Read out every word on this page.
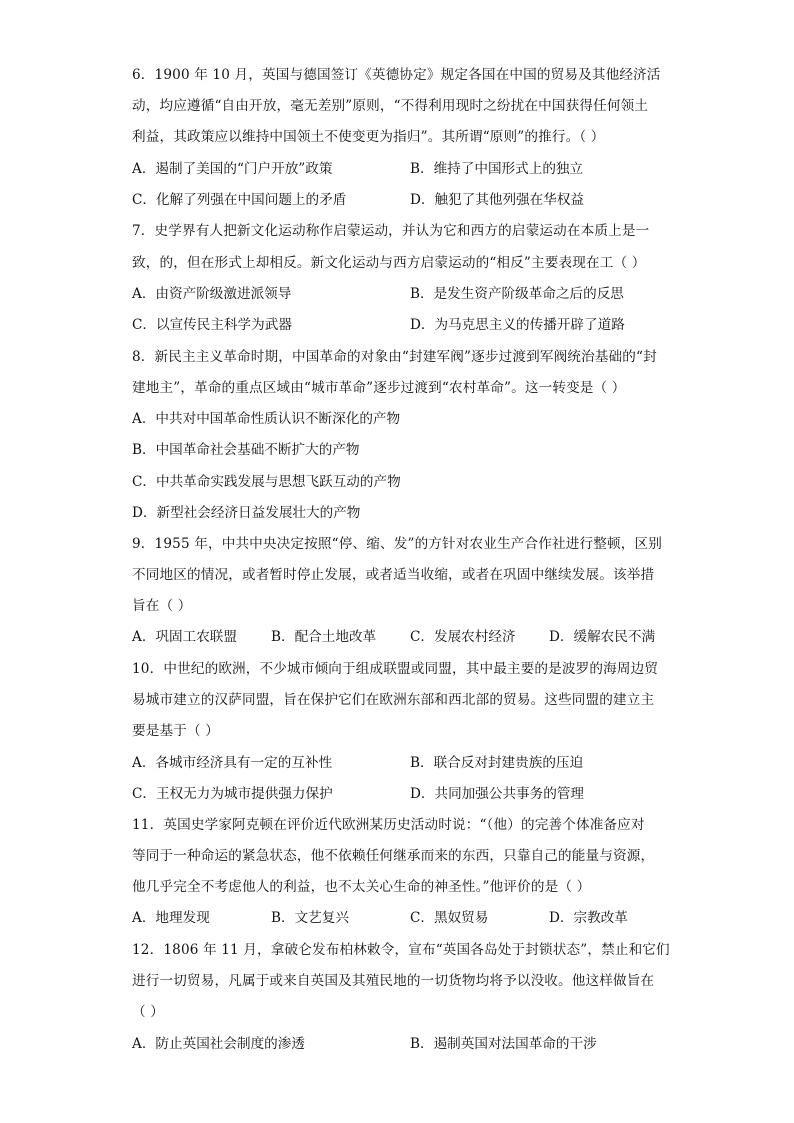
6．1900 年 10 月，英国与德国签订《英德协定》规定各国在中国的贸易及其他经济活
动，均应遵循“自由开放，毫无差别”原则，“不得利用现时之纷扰在中国获得任何领土
利益，其政策应以维持中国领土不使变更为指归”。其所谓“原则”的推行。（ ）
A．遏制了美国的“门户开放”政策	B．维持了中国形式上的独立
C．化解了列强在中国问题上的矛盾	D．触犯了其他列强在华权益
7．史学界有人把新文化运动称作启蒙运动，并认为它和西方的启蒙运动在本质上是一
致，的，但在形式上却相反。新文化运动与西方启蒙运动的“相反”主要表现在工（ ）
A．由资产阶级激进派领导	B．是发生资产阶级革命之后的反思
C．以宣传民主科学为武器	D．为马克思主义的传播开辟了道路
8．新民主主义革命时期，中国革命的对象由“封建军阀”逐步过渡到军阀统治基础的“封
建地主”，革命的重点区域由“城市革命”逐步过渡到“农村革命”。这一转变是（ ）
A．中共对中国革命性质认识不断深化的产物
B．中国革命社会基础不断扩大的产物
C．中共革命实践发展与思想飞跃互动的产物
D．新型社会经济日益发展壮大的产物
9．1955 年，中共中央决定按照“停、缩、发”的方针对农业生产合作社进行整顿，区别
不同地区的情况，或者暂时停止发展，或者适当收缩，或者在巩固中继续发展。该举措
旨在（ ）
A．巩固工农联盟	B．配合土地改革 C．发展农村经济 D．缓解农民不满
10．中世纪的欧洲，不少城市倾向于组成联盟或同盟，其中最主要的是波罗的海周边贸
易城市建立的汉萨同盟，旨在保护它们在欧洲东部和西北部的贸易。这些同盟的建立主
要是基于（ ）
A．各城市经济具有一定的互补性	B．联合反对封建贵族的压迫
C．王权无力为城市提供强力保护	D．共同加强公共事务的管理
11．英国史学家阿克顿在评价近代欧洲某历史活动时说：“（他）的完善个体准备应对
等同于一种命运的紧急状态，他不依赖任何继承而来的东西，只靠自己的能量与资源，
他几乎完全不考虑他人的利益，也不太关心生命的神圣性。”他评价的是（ ）
A．地理发现	B．文艺复兴	C．黑奴贸易	D．宗教改革
12．1806 年 11 月，拿破仑发布柏林敕令，宣布“英国各岛处于封锁状态”，禁止和它们
进行一切贸易，凡属于或来自英国及其殖民地的一切货物均将予以没收。他这样做旨在
（ ）
A．防止英国社会制度的渗透	B．遏制英国对法国革命的干涉
